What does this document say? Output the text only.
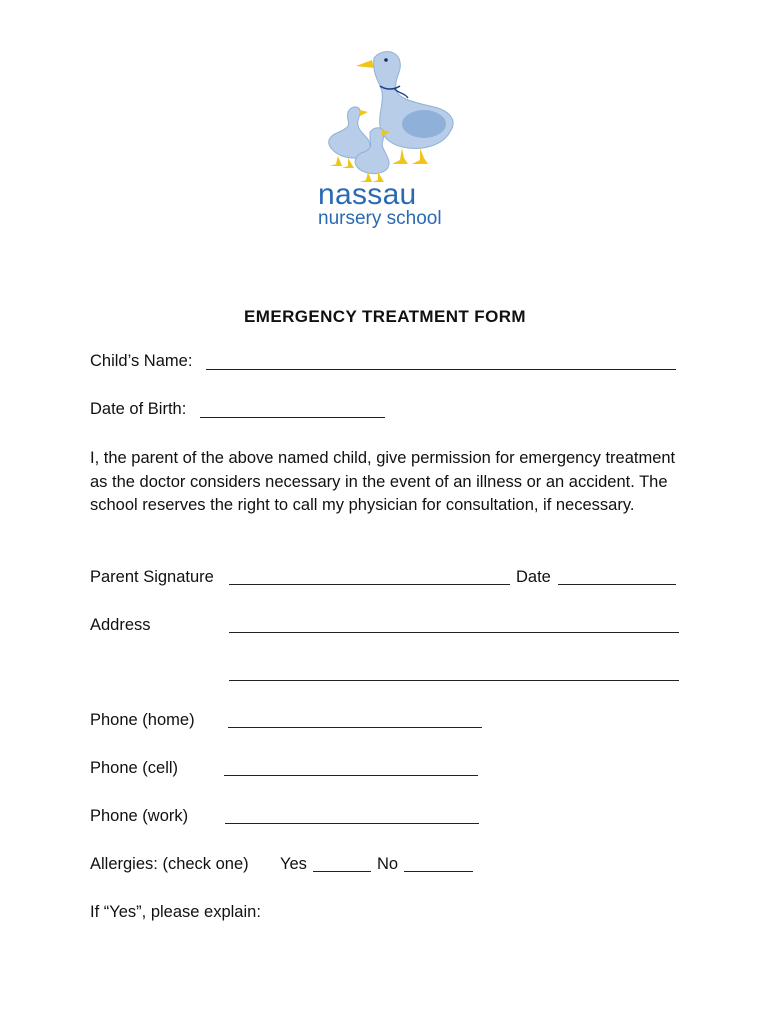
nassau
nursery school
EMERGENCY TREATMENT FORM
Child’s Name:
Date of Birth:
I, the parent of the above named child, give permission for emergency treatment as the doctor considers necessary in the event of an illness or an accident. The school reserves the right to call my physician for consultation, if necessary.
Parent Signature	Date
Address
Phone (home)
Phone (cell)
Phone (work)
Allergies: (check one) Yes	No
If “Yes”, please explain:
